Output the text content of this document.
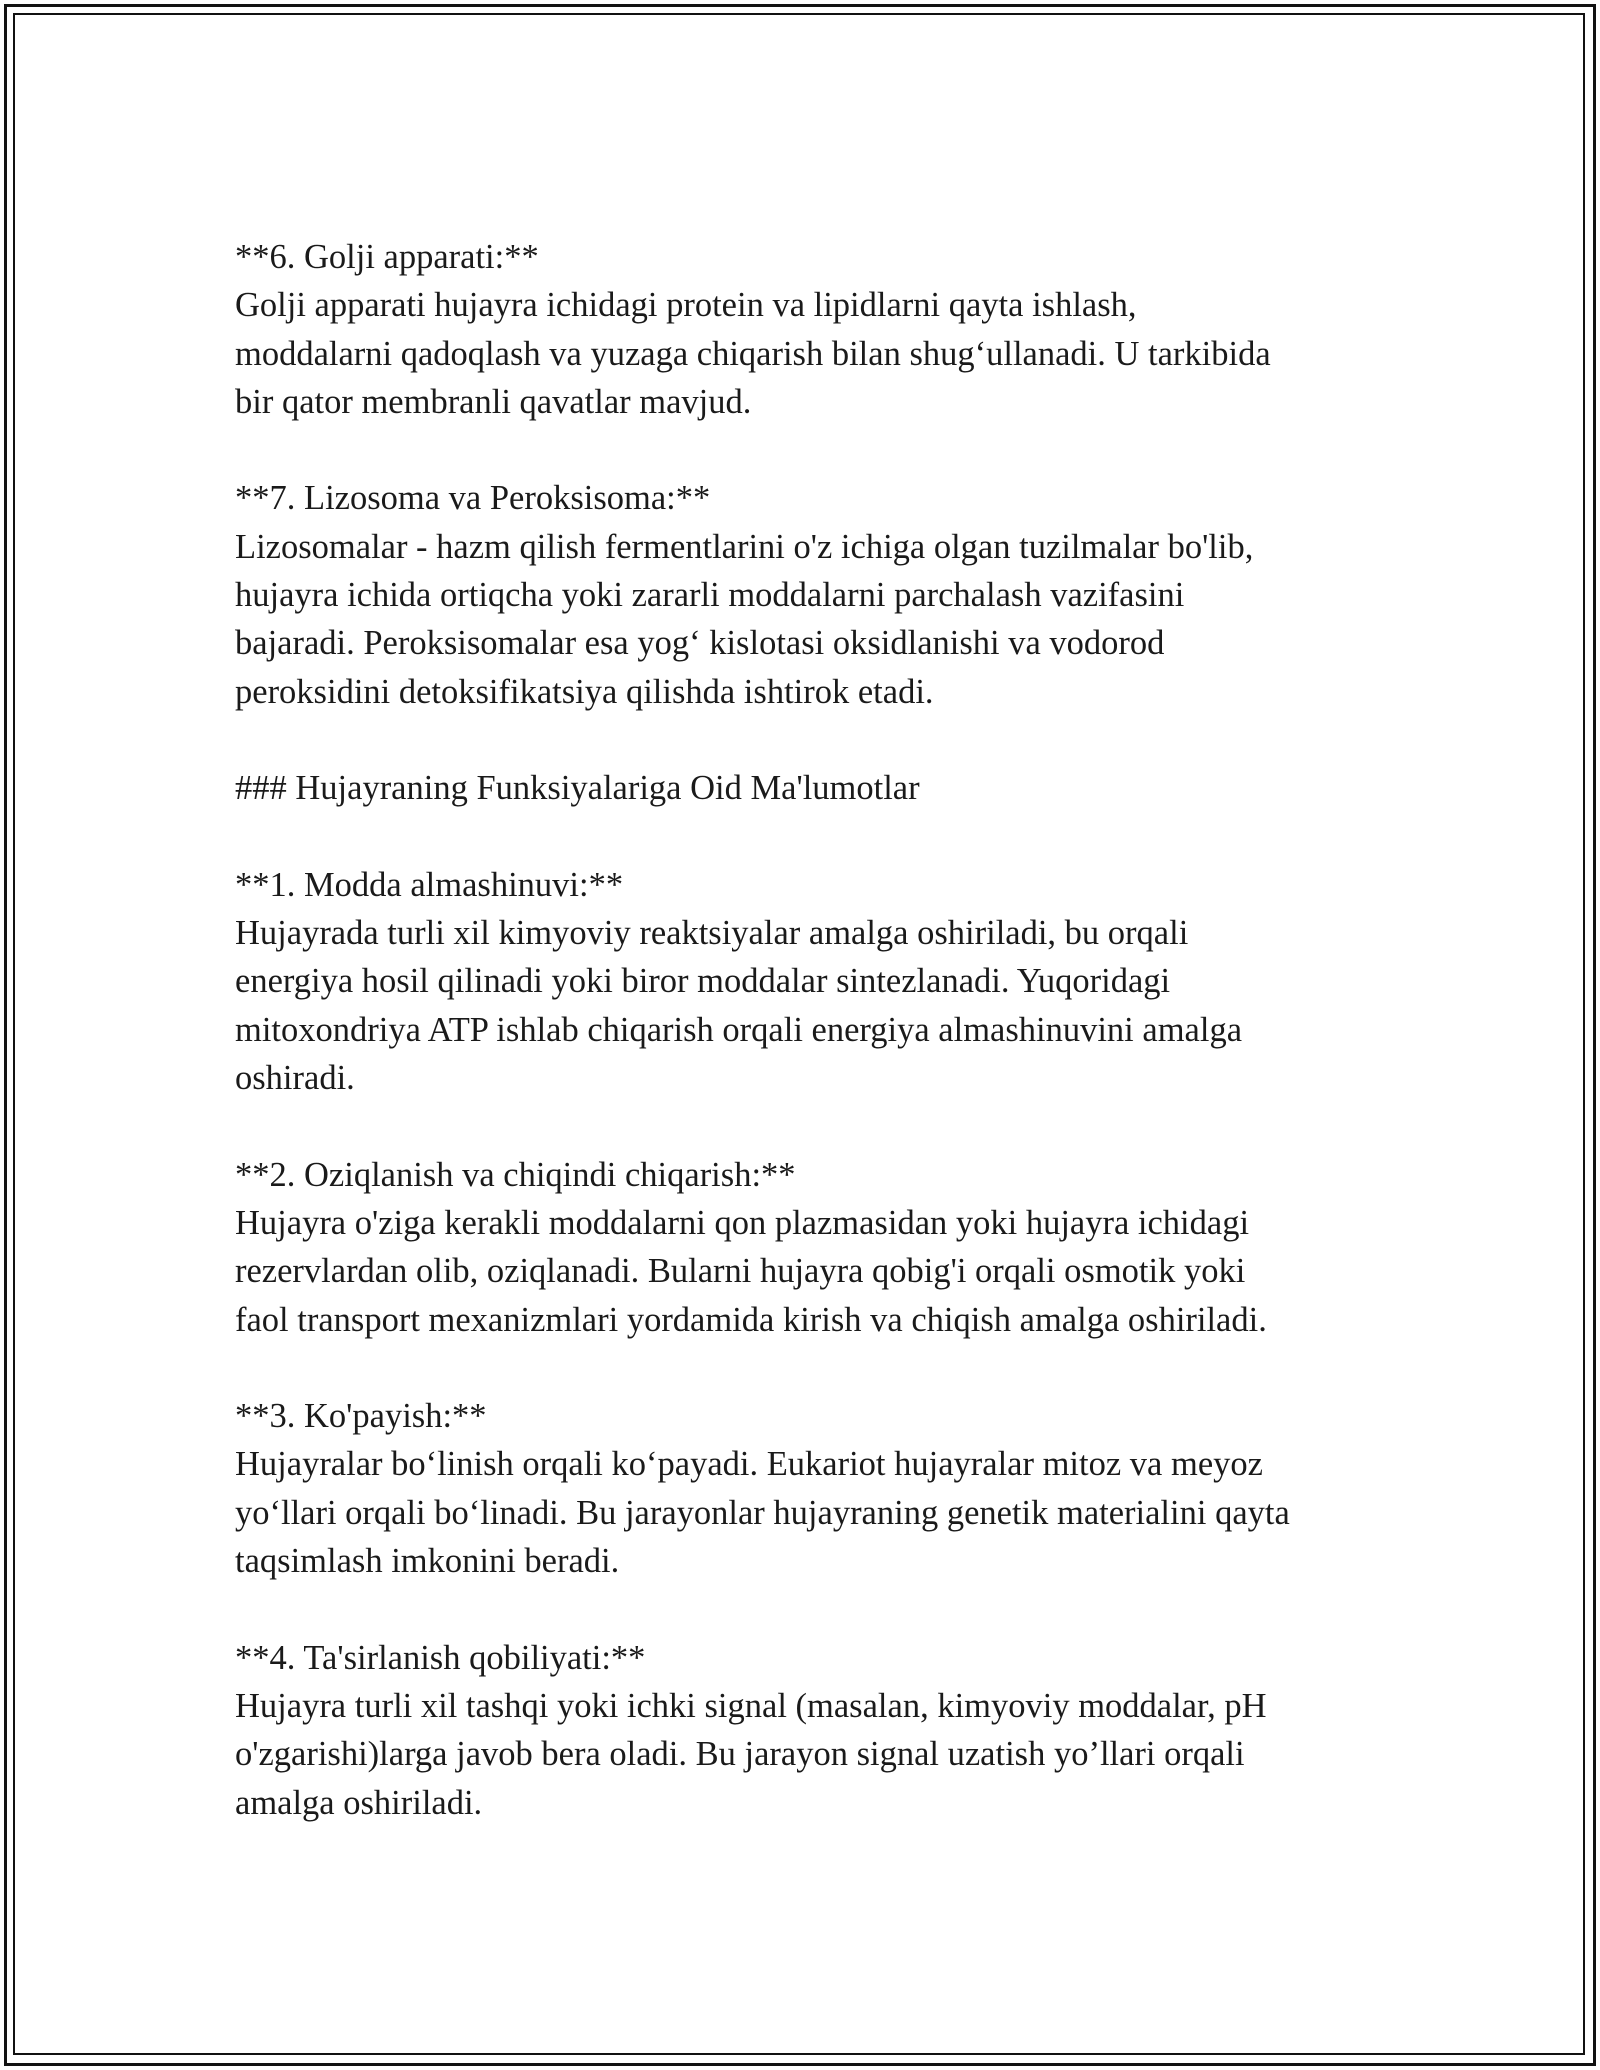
**6. Golji apparati:**

Golji apparati hujayra ichidagi protein va lipidlarni qayta ishlash,
moddalarni qadoqlash va yuzaga chiqarish bilan shug‘ullanadi. U tarkibida
bir qator membranli qavatlar mavjud.

**7. Lizosoma va Peroksisoma:**

Lizosomalar - hazm qilish fermentlarini o'z ichiga olgan tuzilmalar bo'lib,
hujayra ichida ortiqcha yoki zararli moddalarni parchalash vazifasini
bajaradi. Peroksisomalar esa yog‘ kislotasi oksidlanishi va vodorod
peroksidini detoksifikatsiya qilishda ishtirok etadi.

### Hujayraning Funksiyalariga Oid Ma'lumotlar

**1. Modda almashinuvi:**

Hujayrada turli xil kimyoviy reaktsiyalar amalga oshiriladi, bu orqali
energiya hosil qilinadi yoki biror moddalar sintezlanadi. Yuqoridagi
mitoxondriya ATP ishlab chiqarish orqali energiya almashinuvini amalga
oshiradi.

**2. Oziqlanish va chiqindi chiqarish:**

Hujayra o'ziga kerakli moddalarni qon plazmasidan yoki hujayra ichidagi
rezervlardan olib, oziqlanadi. Bularni hujayra qobig'i orqali osmotik yoki
faol transport mexanizmlari yordamida kirish va chiqish amalga oshiriladi.

**3. Ko'payish:**

Hujayralar bo‘linish orqali ko‘payadi. Eukariot hujayralar mitoz va meyoz
yo‘llari orqali bo‘linadi. Bu jarayonlar hujayraning genetik materialini qayta
taqsimlash imkonini beradi.

**4. Ta'sirlanish qobiliyati:**

Hujayra turli xil tashqi yoki ichki signal (masalan, kimyoviy moddalar, pH
o'zgarishi)larga javob bera oladi. Bu jarayon signal uzatish yo’llari orqali
amalga oshiriladi.
